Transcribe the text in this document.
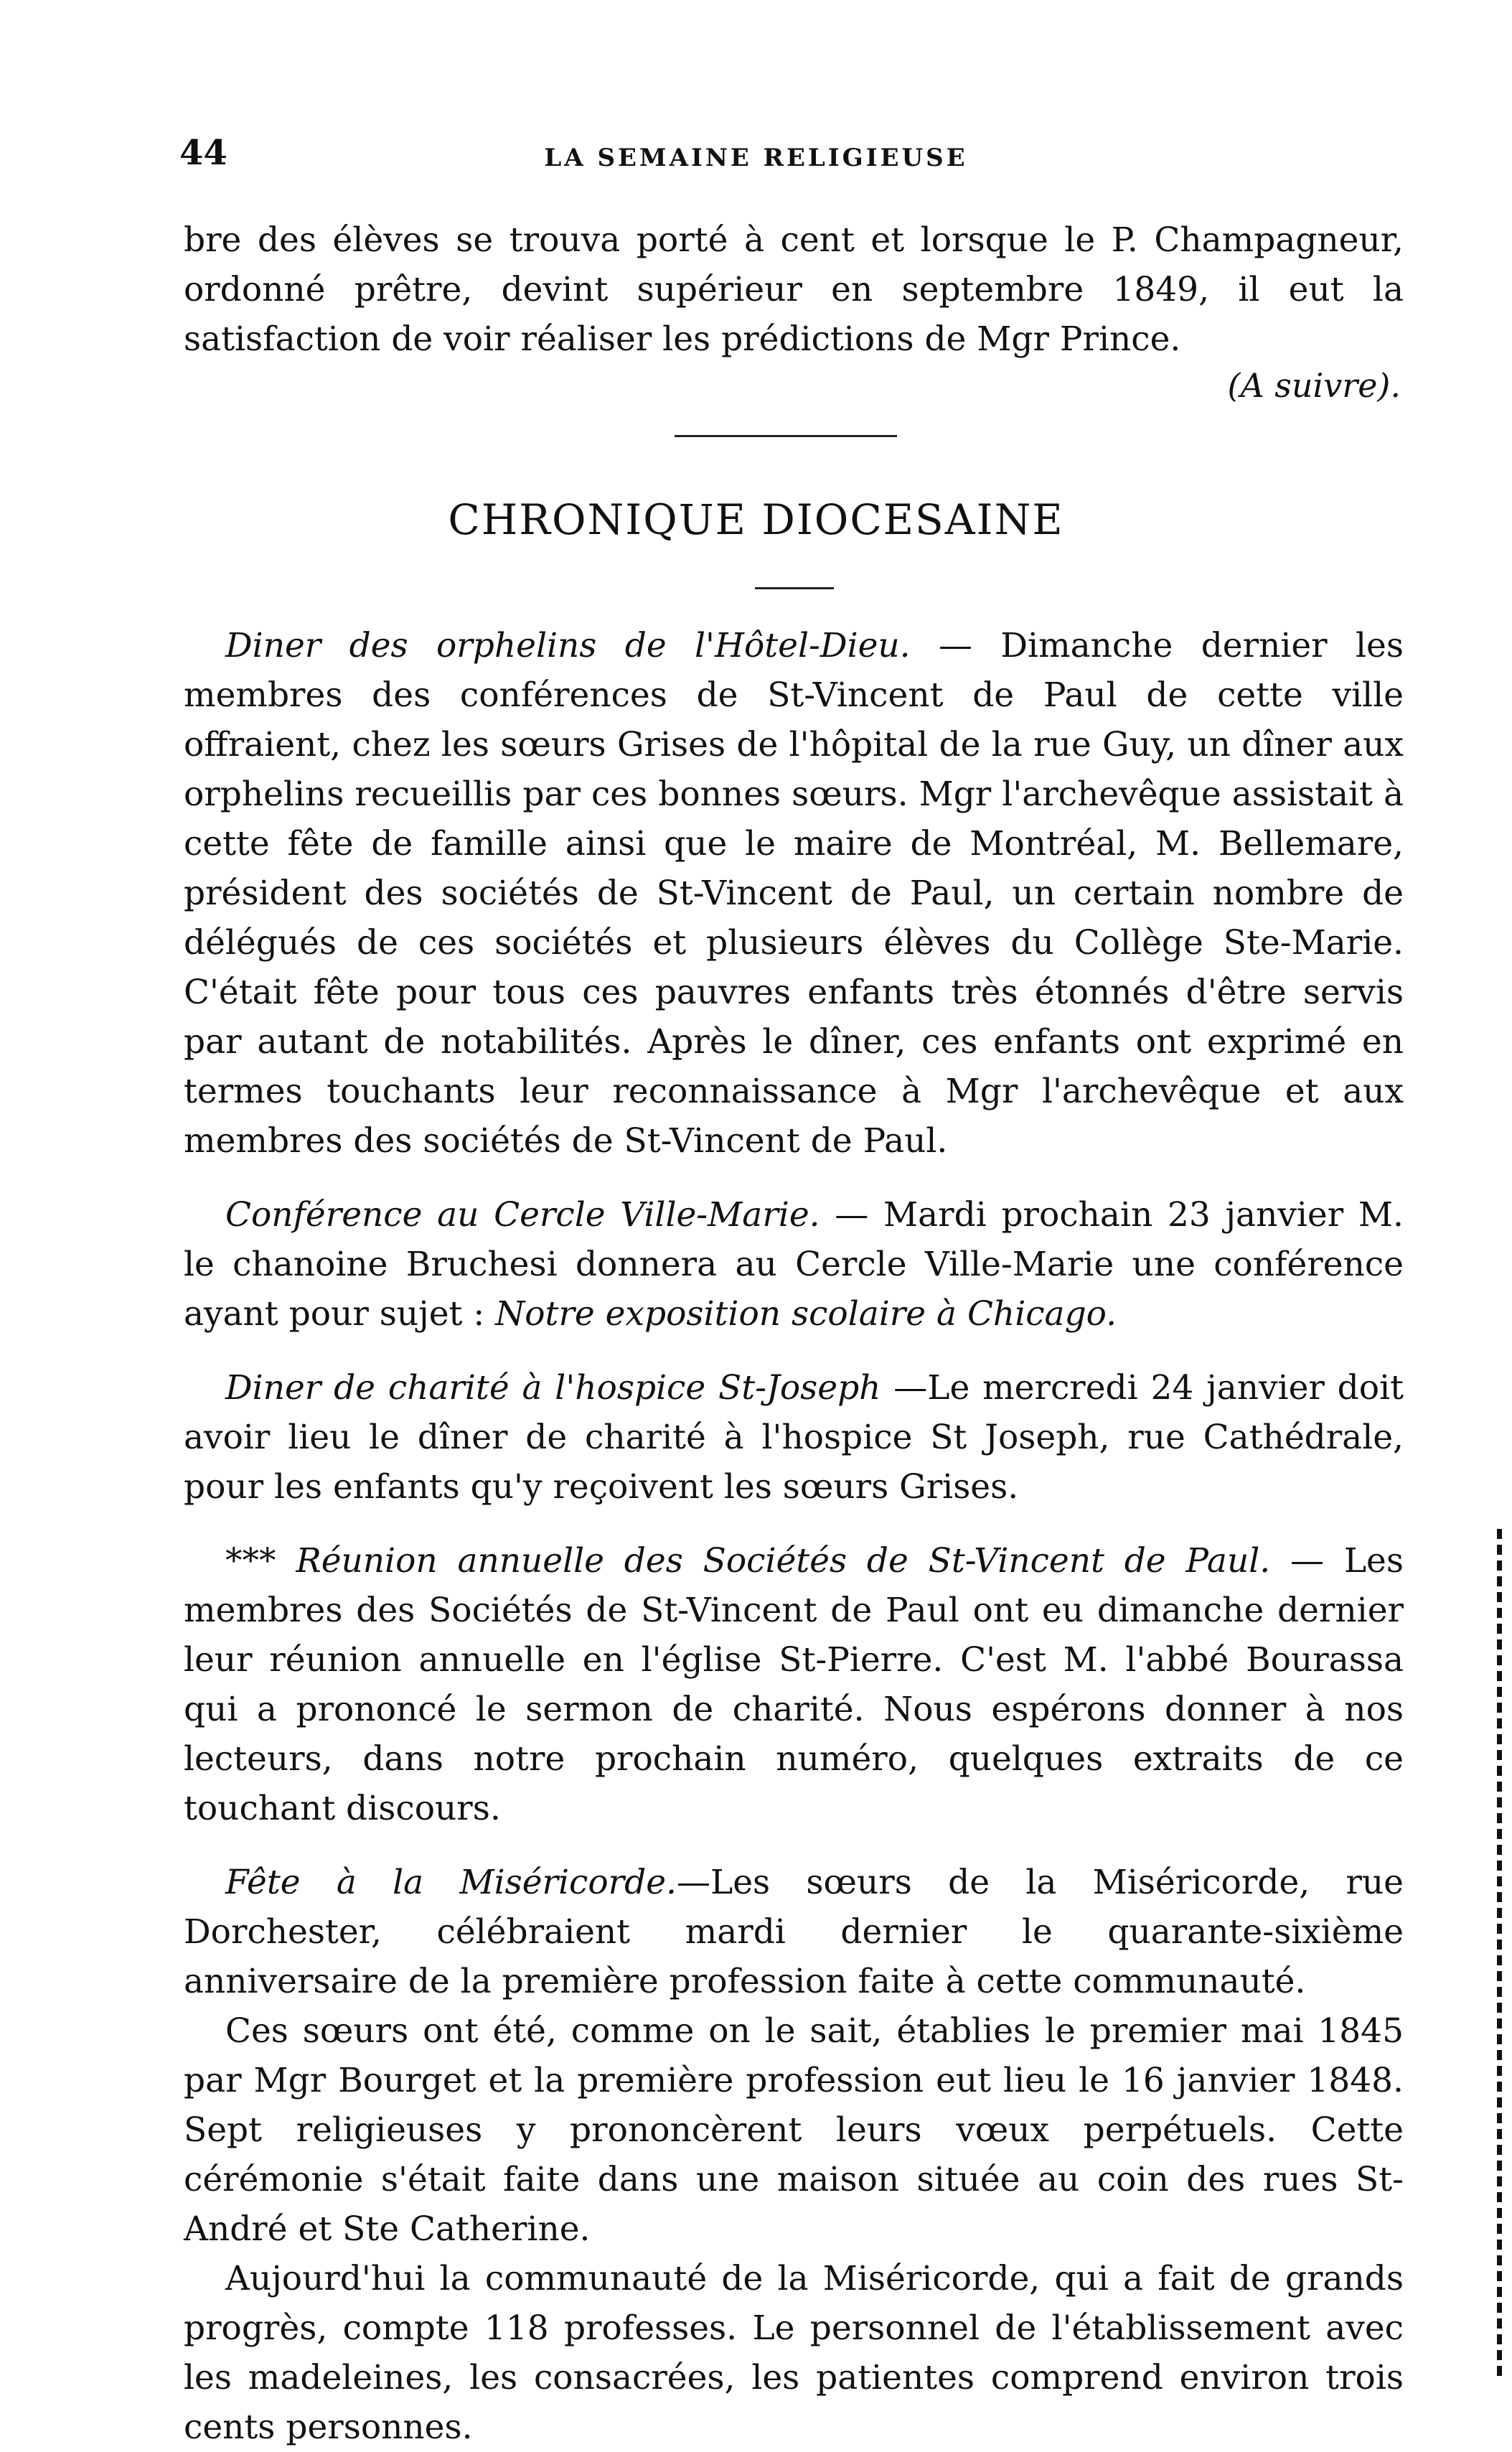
44	LA SEMAINE RELIGIEUSE

bre des élèves se trouva porté à cent et lorsque le P. Champagneur, ordonné prêtre, devint supérieur en septembre 1849, il eut la satisfaction de voir réaliser les prédictions de Mgr Prince.

(A suivre).
CHRONIQUE DIOCESAINE

Diner des orphelins de l'Hôtel-Dieu. — Dimanche dernier les membres des conférences de St-Vincent de Paul de cette ville offraient, chez les sœurs Grises de l'hôpital de la rue Guy, un dîner aux orphelins recueillis par ces bonnes sœurs. Mgr l'archevêque assistait à cette fête de famille ainsi que le maire de Montréal, M. Bellemare, président des sociétés de St-Vincent de Paul, un certain nombre de délégués de ces sociétés et plusieurs élèves du Collège Ste-Marie. C'était fête pour tous ces pauvres enfants très étonnés d'être servis par autant de notabilités. Après le dîner, ces enfants ont exprimé en termes touchants leur reconnaissance à Mgr l'archevêque et aux membres des sociétés de St-Vincent de Paul.

Conférence au Cercle Ville-Marie. — Mardi prochain 23 janvier M. le chanoine Bruchesi donnera au Cercle Ville-Marie une conférence ayant pour sujet : Notre exposition scolaire à Chicago.

Diner de charité à l'hospice St-Joseph —Le mercredi 24 janvier doit avoir lieu le dîner de charité à l'hospice St Joseph, rue Cathédrale, pour les enfants qu'y reçoivent les sœurs Grises.

*** Réunion annuelle des Sociétés de St-Vincent de Paul. — Les membres des Sociétés de St-Vincent de Paul ont eu dimanche dernier leur réunion annuelle en l'église St-Pierre. C'est M. l'abbé Bourassa qui a prononcé le sermon de charité. Nous espérons donner à nos lecteurs, dans notre prochain numéro, quelques extraits de ce touchant discours.

Fête à la Miséricorde.—Les sœurs de la Miséricorde, rue Dorchester, célébraient mardi dernier le quarante-sixième anniversaire de la première profession faite à cette communauté.

Ces sœurs ont été, comme on le sait, établies le premier mai 1845 par Mgr Bourget et la première profession eut lieu le 16 janvier 1848. Sept religieuses y prononcèrent leurs vœux perpétuels. Cette cérémonie s'était faite dans une maison située au coin des rues St-André et Ste Catherine.

Aujourd'hui la communauté de la Miséricorde, qui a fait de grands progrès, compte 118 professes. Le personnel de l'établissement avec les madeleines, les consacrées, les patientes comprend environ trois cents personnes.
